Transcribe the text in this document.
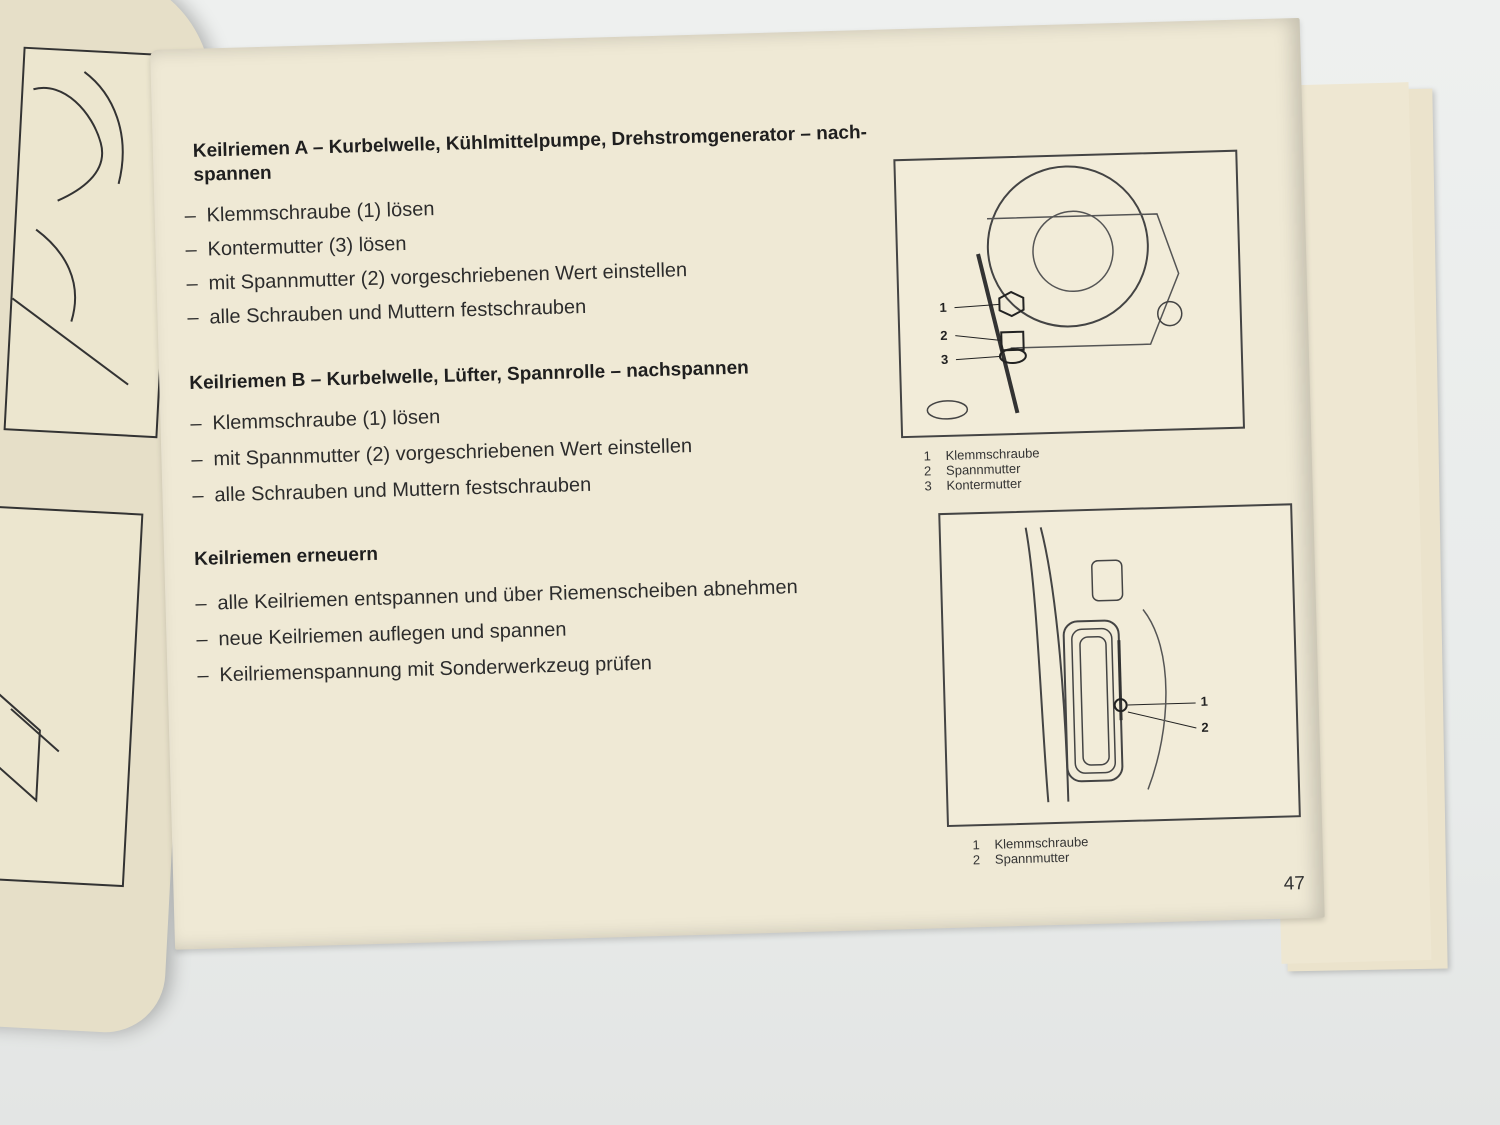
Keilriemen A – Kurbelwelle, Kühlmittelpumpe, Drehstromgenerator – nach-
spannen
– Klemmschraube (1) lösen
– Kontermutter (3) lösen
– mit Spannmutter (2) vorgeschriebenen Wert einstellen
– alle Schrauben und Muttern festschrauben
Keilriemen B – Kurbelwelle, Lüfter, Spannrolle – nachspannen
– Klemmschraube (1) lösen
– mit Spannmutter (2) vorgeschriebenen Wert einstellen
– alle Schrauben und Muttern festschrauben
Keilriemen erneuern
– alle Keilriemen entspannen und über Riemenscheiben abnehmen
– neue Keilriemen auflegen und spannen
– Keilriemenspannung mit Sonderwerkzeug prüfen
1
2
3
1 Klemmschraube
2 Spannmutter
3 Kontermutter
1
2
1 Klemmschraube
2 Spannmutter
47
